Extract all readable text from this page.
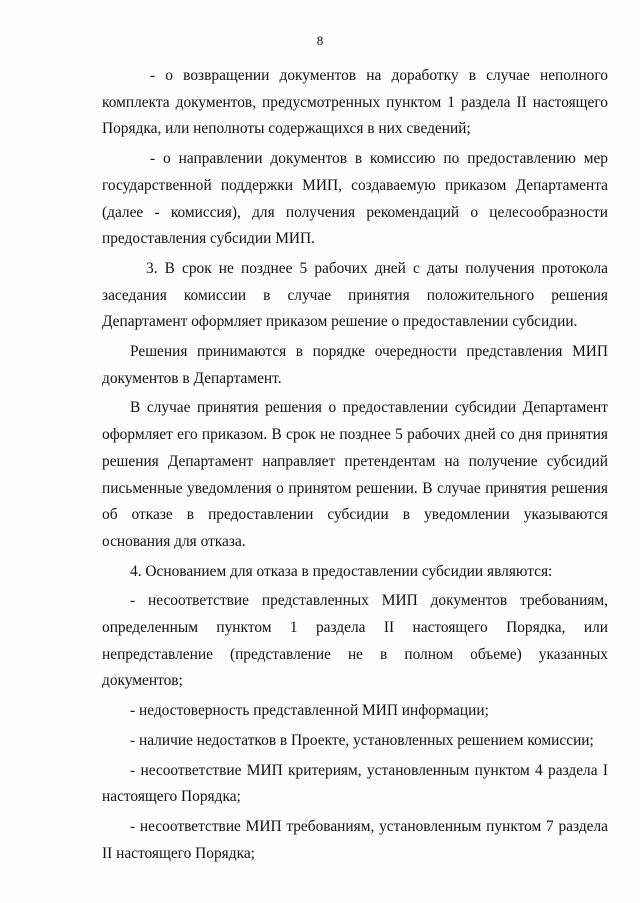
8

- о возвращении документов на доработку в случае неполного комплекта документов, предусмотренных пунктом 1 раздела II настоящего Порядка, или неполноты содержащихся в них сведений;

- о направлении документов в комиссию по предоставлению мер государственной поддержки МИП, создаваемую приказом Департамента (далее - комиссия), для получения рекомендаций о целесообразности предоставления субсидии МИП.

3. В срок не позднее 5 рабочих дней с даты получения протокола заседания комиссии в случае принятия положительного решения Департамент оформляет приказом решение о предоставлении субсидии.

Решения принимаются в порядке очередности представления МИП документов в Департамент.

В случае принятия решения о предоставлении субсидии Департамент оформляет его приказом. В срок не позднее 5 рабочих дней со дня принятия решения Департамент направляет претендентам на получение субсидий письменные уведомления о принятом решении. В случае принятия решения об отказе в предоставлении субсидии в уведомлении указываются основания для отказа.

4. Основанием для отказа в предоставлении субсидии являются:

- несоответствие представленных МИП документов требованиям, определенным пунктом 1 раздела II настоящего Порядка, или непредставление (представление не в полном объеме) указанных документов;

- недостоверность представленной МИП информации;

- наличие недостатков в Проекте, установленных решением комиссии;

- несоответствие МИП критериям, установленным пунктом 4 раздела I настоящего Порядка;

- несоответствие МИП требованиям, установленным пунктом 7 раздела II настоящего Порядка;
